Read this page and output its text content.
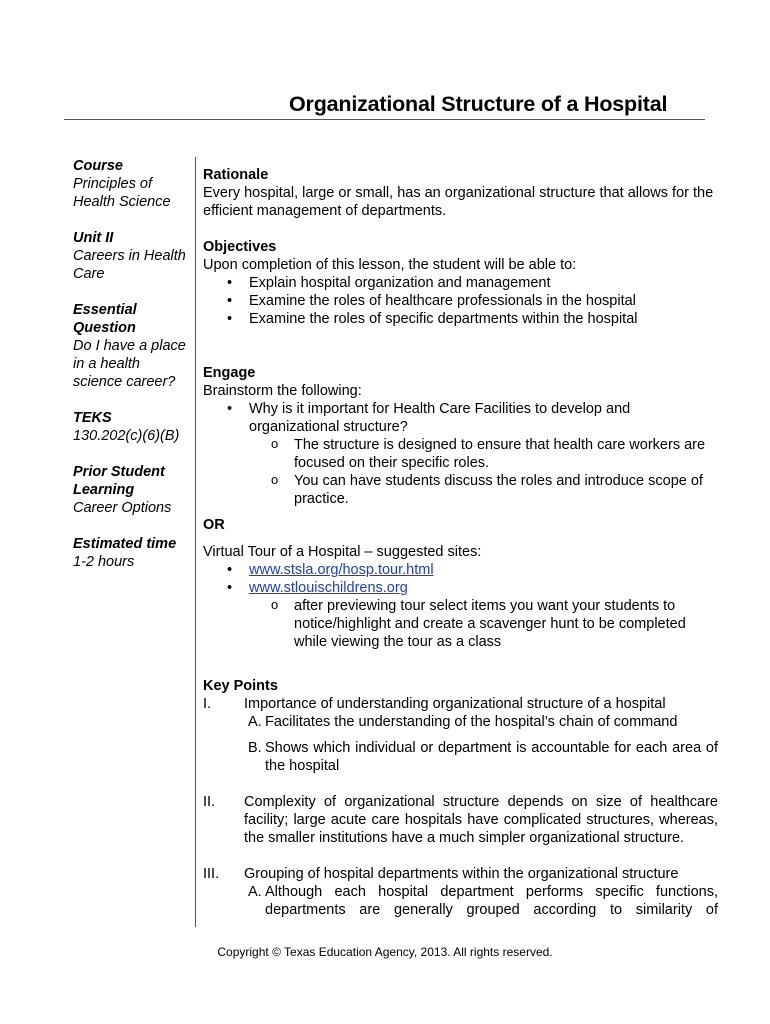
Organizational Structure of a Hospital
Course
Principles of Health Science
Unit II
Careers in Health Care
Essential Question
Do I have a place in a health science career?
TEKS
130.202(c)(6)(B)
Prior Student Learning
Career Options
Estimated time
1-2 hours
Rationale
Every hospital, large or small, has an organizational structure that allows for the efficient management of departments.
Objectives
Upon completion of this lesson, the student will be able to:
• Explain hospital organization and management
• Examine the roles of healthcare professionals in the hospital
• Examine the roles of specific departments within the hospital
Engage
Brainstorm the following:
• Why is it important for Health Care Facilities to develop and organizational structure?
o The structure is designed to ensure that health care workers are focused on their specific roles.
o You can have students discuss the roles and introduce scope of practice.
OR
Virtual Tour of a Hospital – suggested sites:
• www.stsla.org/hosp.tour.html
• www.stlouischildrens.org
o after previewing tour select items you want your students to notice/highlight and create a scavenger hunt to be completed while viewing the tour as a class
Key Points
I. Importance of understanding organizational structure of a hospital
A. Facilitates the understanding of the hospital’s chain of command
B. Shows which individual or department is accountable for each area of the hospital
II. Complexity of organizational structure depends on size of healthcare facility; large acute care hospitals have complicated structures, whereas, the smaller institutions have a much simpler organizational structure.
III. Grouping of hospital departments within the organizational structure
A. Although each hospital department performs specific functions, departments are generally grouped according to similarity of
Copyright © Texas Education Agency, 2013. All rights reserved.
